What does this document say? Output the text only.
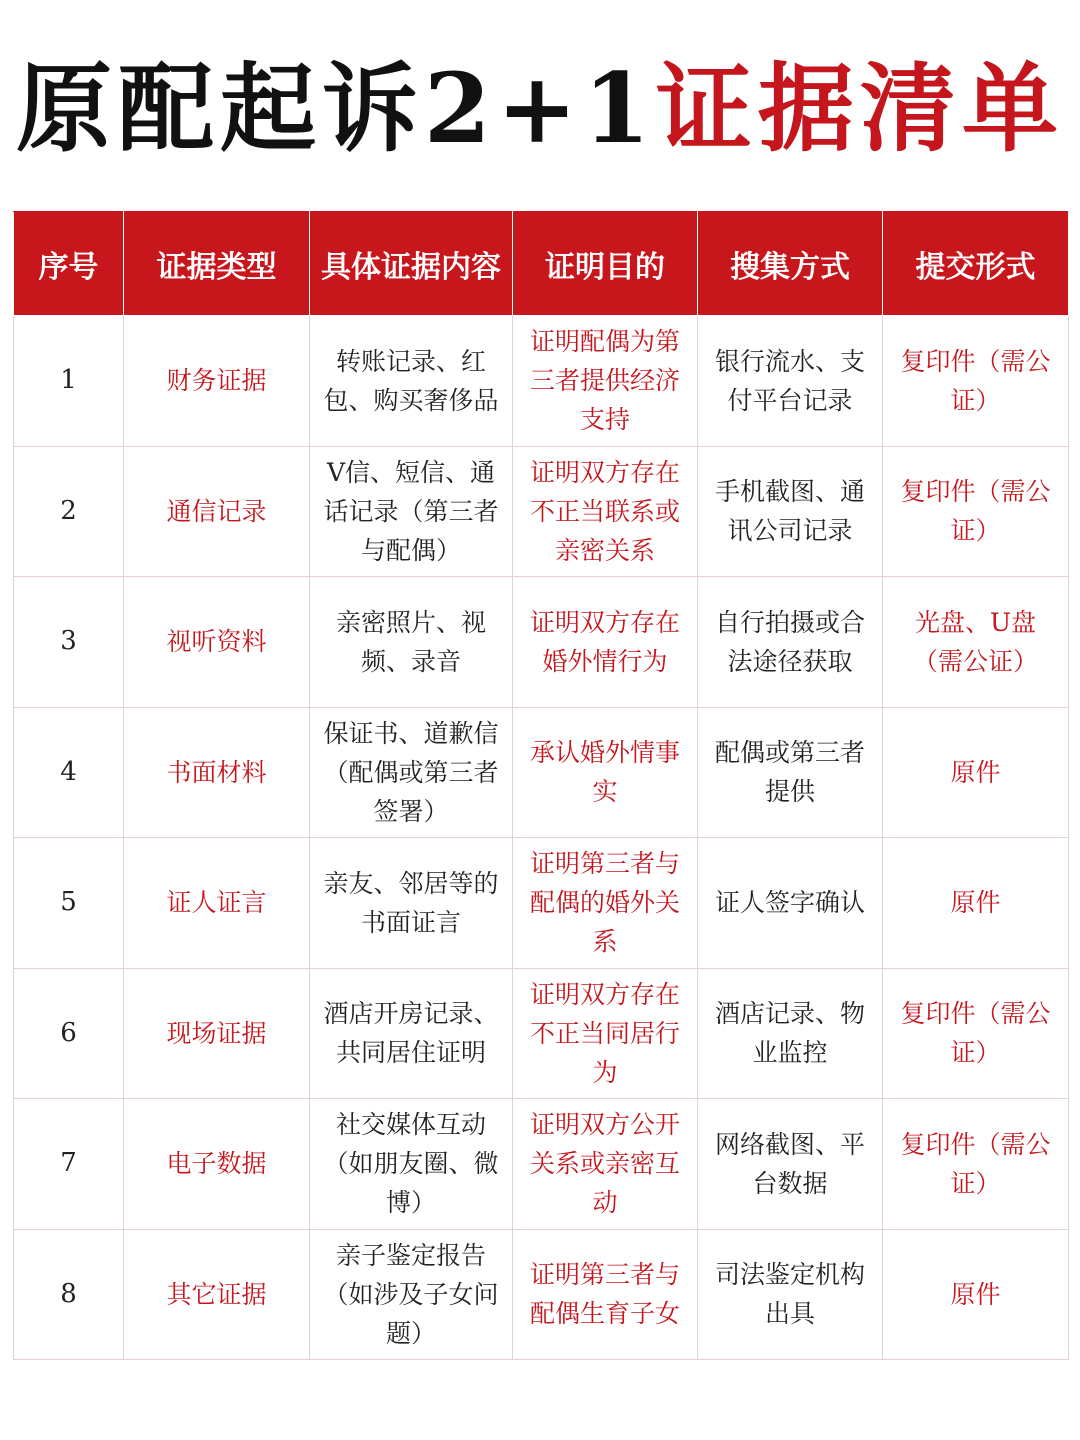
原配起诉2+1证据清单
序号	证据类型	具体证据内容	证明目的	搜集方式	提交形式
1	财务证据	转账记录、红包、购买奢侈品	证明配偶为第三者提供经济支持	银行流水、支付平台记录	复印件（需公证）
2	通信记录	V信、短信、通话记录（第三者与配偶）	证明双方存在不正当联系或亲密关系	手机截图、通讯公司记录	复印件（需公证）
3	视听资料	亲密照片、视频、录音	证明双方存在婚外情行为	自行拍摄或合法途径获取	光盘、U盘（需公证）
4	书面材料	保证书、道歉信（配偶或第三者签署）	承认婚外情事实	配偶或第三者提供	原件
5	证人证言	亲友、邻居等的书面证言	证明第三者与配偶的婚外关系	证人签字确认	原件
6	现场证据	酒店开房记录、共同居住证明	证明双方存在不正当同居行为	酒店记录、物业监控	复印件（需公证）
7	电子数据	社交媒体互动（如朋友圈、微博）	证明双方公开关系或亲密互动	网络截图、平台数据	复印件（需公证）
8	其它证据	亲子鉴定报告（如涉及子女问题）	证明第三者与配偶生育子女	司法鉴定机构出具	原件
